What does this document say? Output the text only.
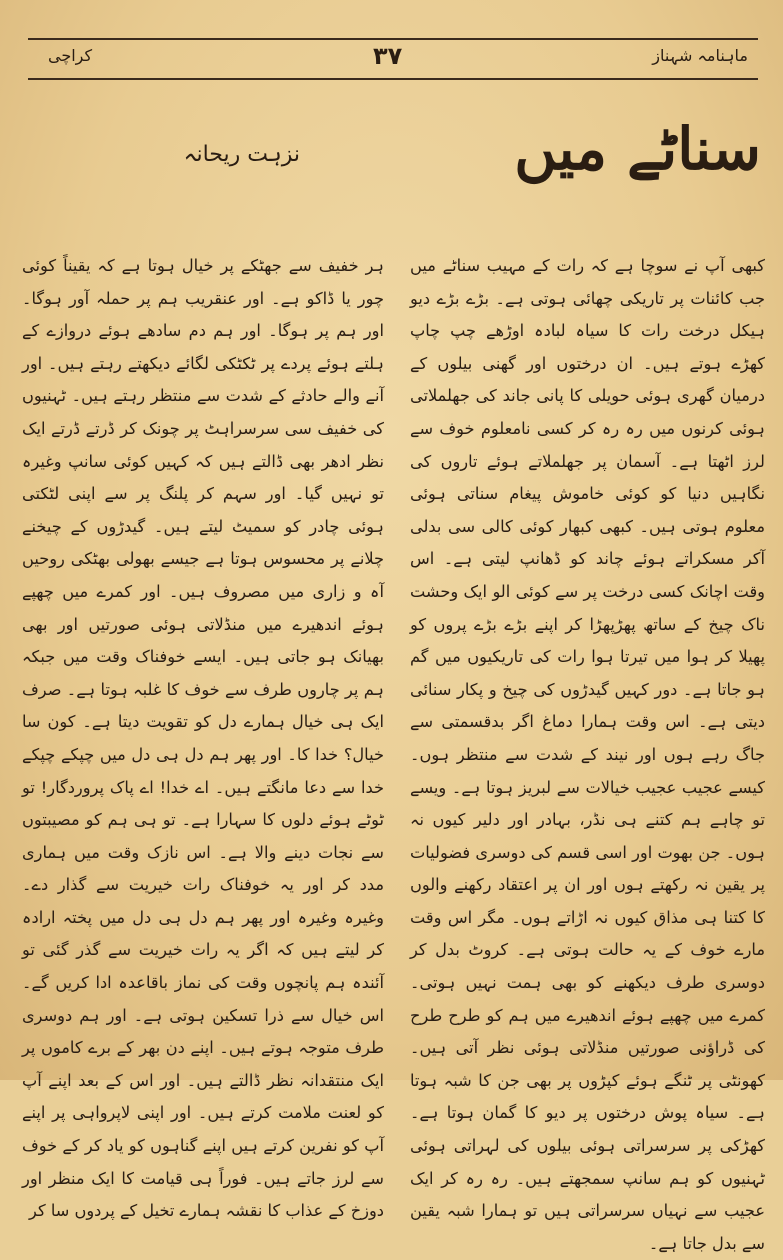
کراچی	۳۷	ماہنامہ شہناز
سناٹے میں
نزہت ریحانہ

کبھی آپ نے سوچا ہے کہ رات کے مہیب سناٹے میں جب کائنات پر تاریکی چھائی ہوتی ہے۔ بڑے بڑے دیو ہیکل درخت رات کا سیاہ لبادہ اوڑھے چپ چاپ کھڑے ہوتے ہیں۔ ان درختوں اور گھنی بیلوں کے درمیان گھری ہوئی حویلی کا پانی جاند کی جھلملاتی ہوئی کرنوں میں رہ رہ کر کسی نامعلوم خوف سے لرز اٹھتا ہے۔ آسمان پر جھلملاتے ہوئے تاروں کی نگاہیں دنیا کو کوئی خاموش پیغام سناتی ہوئی معلوم ہوتی ہیں۔ کبھی کبھار کوئی کالی سی بدلی آکر مسکراتے ہوئے چاند کو ڈھانپ لیتی ہے۔ اس وقت اچانک کسی درخت پر سے کوئی الو ایک وحشت ناک چیخ کے ساتھ پھڑپھڑا کر اپنے بڑے بڑے پروں کو پھیلا کر ہوا میں تیرتا ہوا رات کی تاریکیوں میں گم ہو جاتا ہے۔ دور کہیں گیدڑوں کی چیخ و پکار سنائی دیتی ہے۔ اس وقت ہمارا دماغ اگر بدقسمتی سے جاگ رہے ہوں اور نیند کے شدت سے منتظر ہوں۔ کیسے عجیب عجیب خیالات سے لبریز ہوتا ہے۔ ویسے تو چاہے ہم کتنے ہی نڈر، بہادر اور دلیر کیوں نہ ہوں۔ جن بھوت اور اسی قسم کی دوسری فضولیات پر یقین نہ رکھتے ہوں اور ان پر اعتقاد رکھنے والوں کا کتنا ہی مذاق کیوں نہ اڑاتے ہوں۔ مگر اس وقت مارے خوف کے یہ حالت ہوتی ہے۔ کروٹ بدل کر دوسری طرف دیکھنے کو بھی ہمت نہیں ہوتی۔ کمرے میں چھپے ہوئے اندھیرے میں ہم کو طرح طرح کی ڈراؤنی صورتیں منڈلاتی ہوئی نظر آتی ہیں۔ کھونٹی پر ٹنگے ہوئے کپڑوں پر بھی جن کا شبہ ہوتا ہے۔ سیاہ پوش درختوں پر دیو کا گمان ہوتا ہے۔ کھڑکی پر سرسراتی ہوئی بیلوں کی لہراتی ہوئی ٹہنیوں کو ہم سانپ سمجھتے ہیں۔ رہ رہ کر ایک عجیب سے نہیاں سرسراتی ہیں تو ہمارا شبہ یقین سے بدل جاتا ہے۔

ہر خفیف سے جھٹکے پر خیال ہوتا ہے کہ یقیناً کوئی چور یا ڈاکو ہے۔ اور عنقریب ہم پر حملہ آور ہوگا۔ اور ہم پر ہوگا۔ اور ہم دم سادھے ہوئے دروازے کے ہلتے ہوئے پردے پر ٹکٹکی لگائے دیکھتے رہتے ہیں۔ اور آنے والے حادثے کے شدت سے منتظر رہتے ہیں۔ ٹہنیوں کی خفیف سی سرسراہٹ پر چونک کر ڈرتے ڈرتے ایک نظر ادھر بھی ڈالتے ہیں کہ کہیں کوئی سانپ وغیرہ تو نہیں گیا۔ اور سہم کر پلنگ پر سے اپنی لٹکتی ہوئی چادر کو سمیٹ لیتے ہیں۔ گیدڑوں کے چیخنے چلانے پر محسوس ہوتا ہے جیسے بھولی بھٹکی روحیں آہ و زاری میں مصروف ہیں۔ اور کمرے میں چھپے ہوئے اندھیرے میں منڈلاتی ہوئی صورتیں اور بھی بھیانک ہو جاتی ہیں۔ ایسے خوفناک وقت میں جبکہ ہم پر چاروں طرف سے خوف کا غلبہ ہوتا ہے۔ صرف ایک ہی خیال ہمارے دل کو تقویت دیتا ہے۔ کون سا خیال؟ خدا کا۔ اور پھر ہم دل ہی دل میں چپکے چپکے خدا سے دعا مانگتے ہیں۔ اے خدا! اے پاک پروردگار! تو ٹوٹے ہوئے دلوں کا سہارا ہے۔ تو ہی ہم کو مصیبتوں سے نجات دینے والا ہے۔ اس نازک وقت میں ہماری مدد کر اور یہ خوفناک رات خیریت سے گذار دے۔ وغیرہ وغیرہ اور پھر ہم دل ہی دل میں پختہ ارادہ کر لیتے ہیں کہ اگر یہ رات خیریت سے گذر گئی تو آئندہ ہم پانچوں وقت کی نماز باقاعدہ ادا کریں گے۔ اس خیال سے ذرا تسکین ہوتی ہے۔ اور ہم دوسری طرف متوجہ ہوتے ہیں۔ اپنے دن بھر کے برے کاموں پر ایک منتقدانہ نظر ڈالتے ہیں۔ اور اس کے بعد اپنے آپ کو لعنت ملامت کرتے ہیں۔ اور اپنی لاپرواہی پر اپنے آپ کو نفرین کرتے ہیں اپنے گناہوں کو یاد کر کے خوف سے لرز جاتے ہیں۔ فوراً ہی قیامت کا ایک منظر اور دوزخ کے عذاب کا نقشہ ہمارے تخیل کے پردوں سا کر
